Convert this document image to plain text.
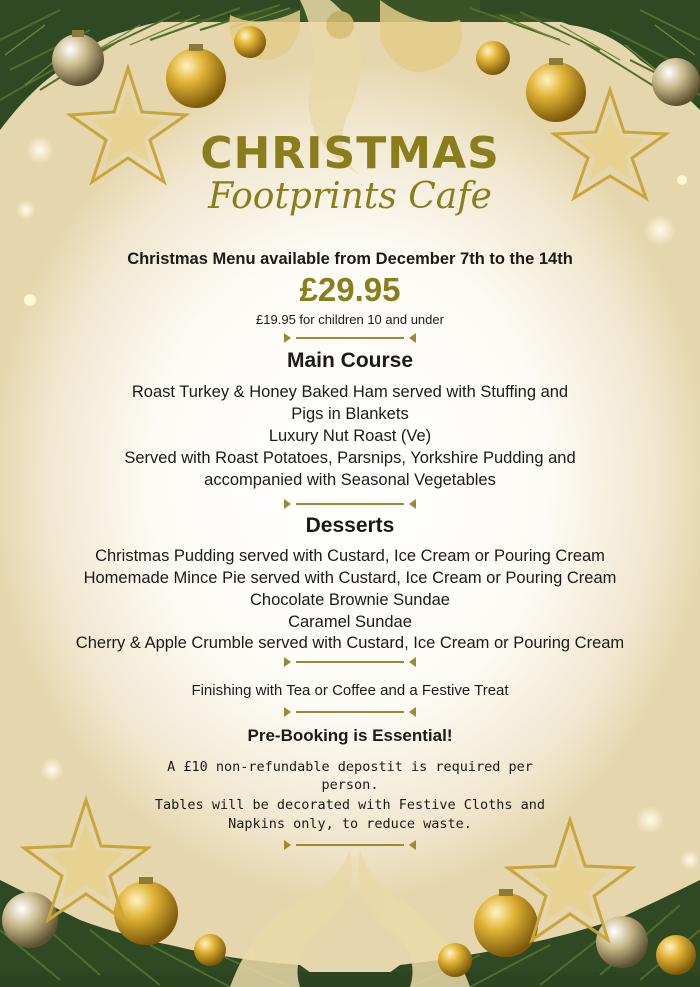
CHRISTMAS
Footprints Cafe
Christmas Menu available from December 7th to the 14th
£29.95
£19.95 for children 10 and under
Main Course
Roast Turkey & Honey Baked Ham served with Stuffing and
Pigs in Blankets
Luxury Nut Roast (Ve)
Served with Roast Potatoes, Parsnips, Yorkshire Pudding and
accompanied with Seasonal Vegetables
Desserts
Christmas Pudding served with Custard, Ice Cream or Pouring Cream
Homemade Mince Pie served with Custard, Ice Cream or Pouring Cream
Chocolate Brownie Sundae
Caramel Sundae
Cherry & Apple Crumble served with Custard, Ice Cream or Pouring Cream
Finishing with Tea or Coffee and a Festive Treat
Pre-Booking is Essential!
A £10 non-refundable depostit is required per
person.
Tables will be decorated with Festive Cloths and
Napkins only, to reduce waste.
